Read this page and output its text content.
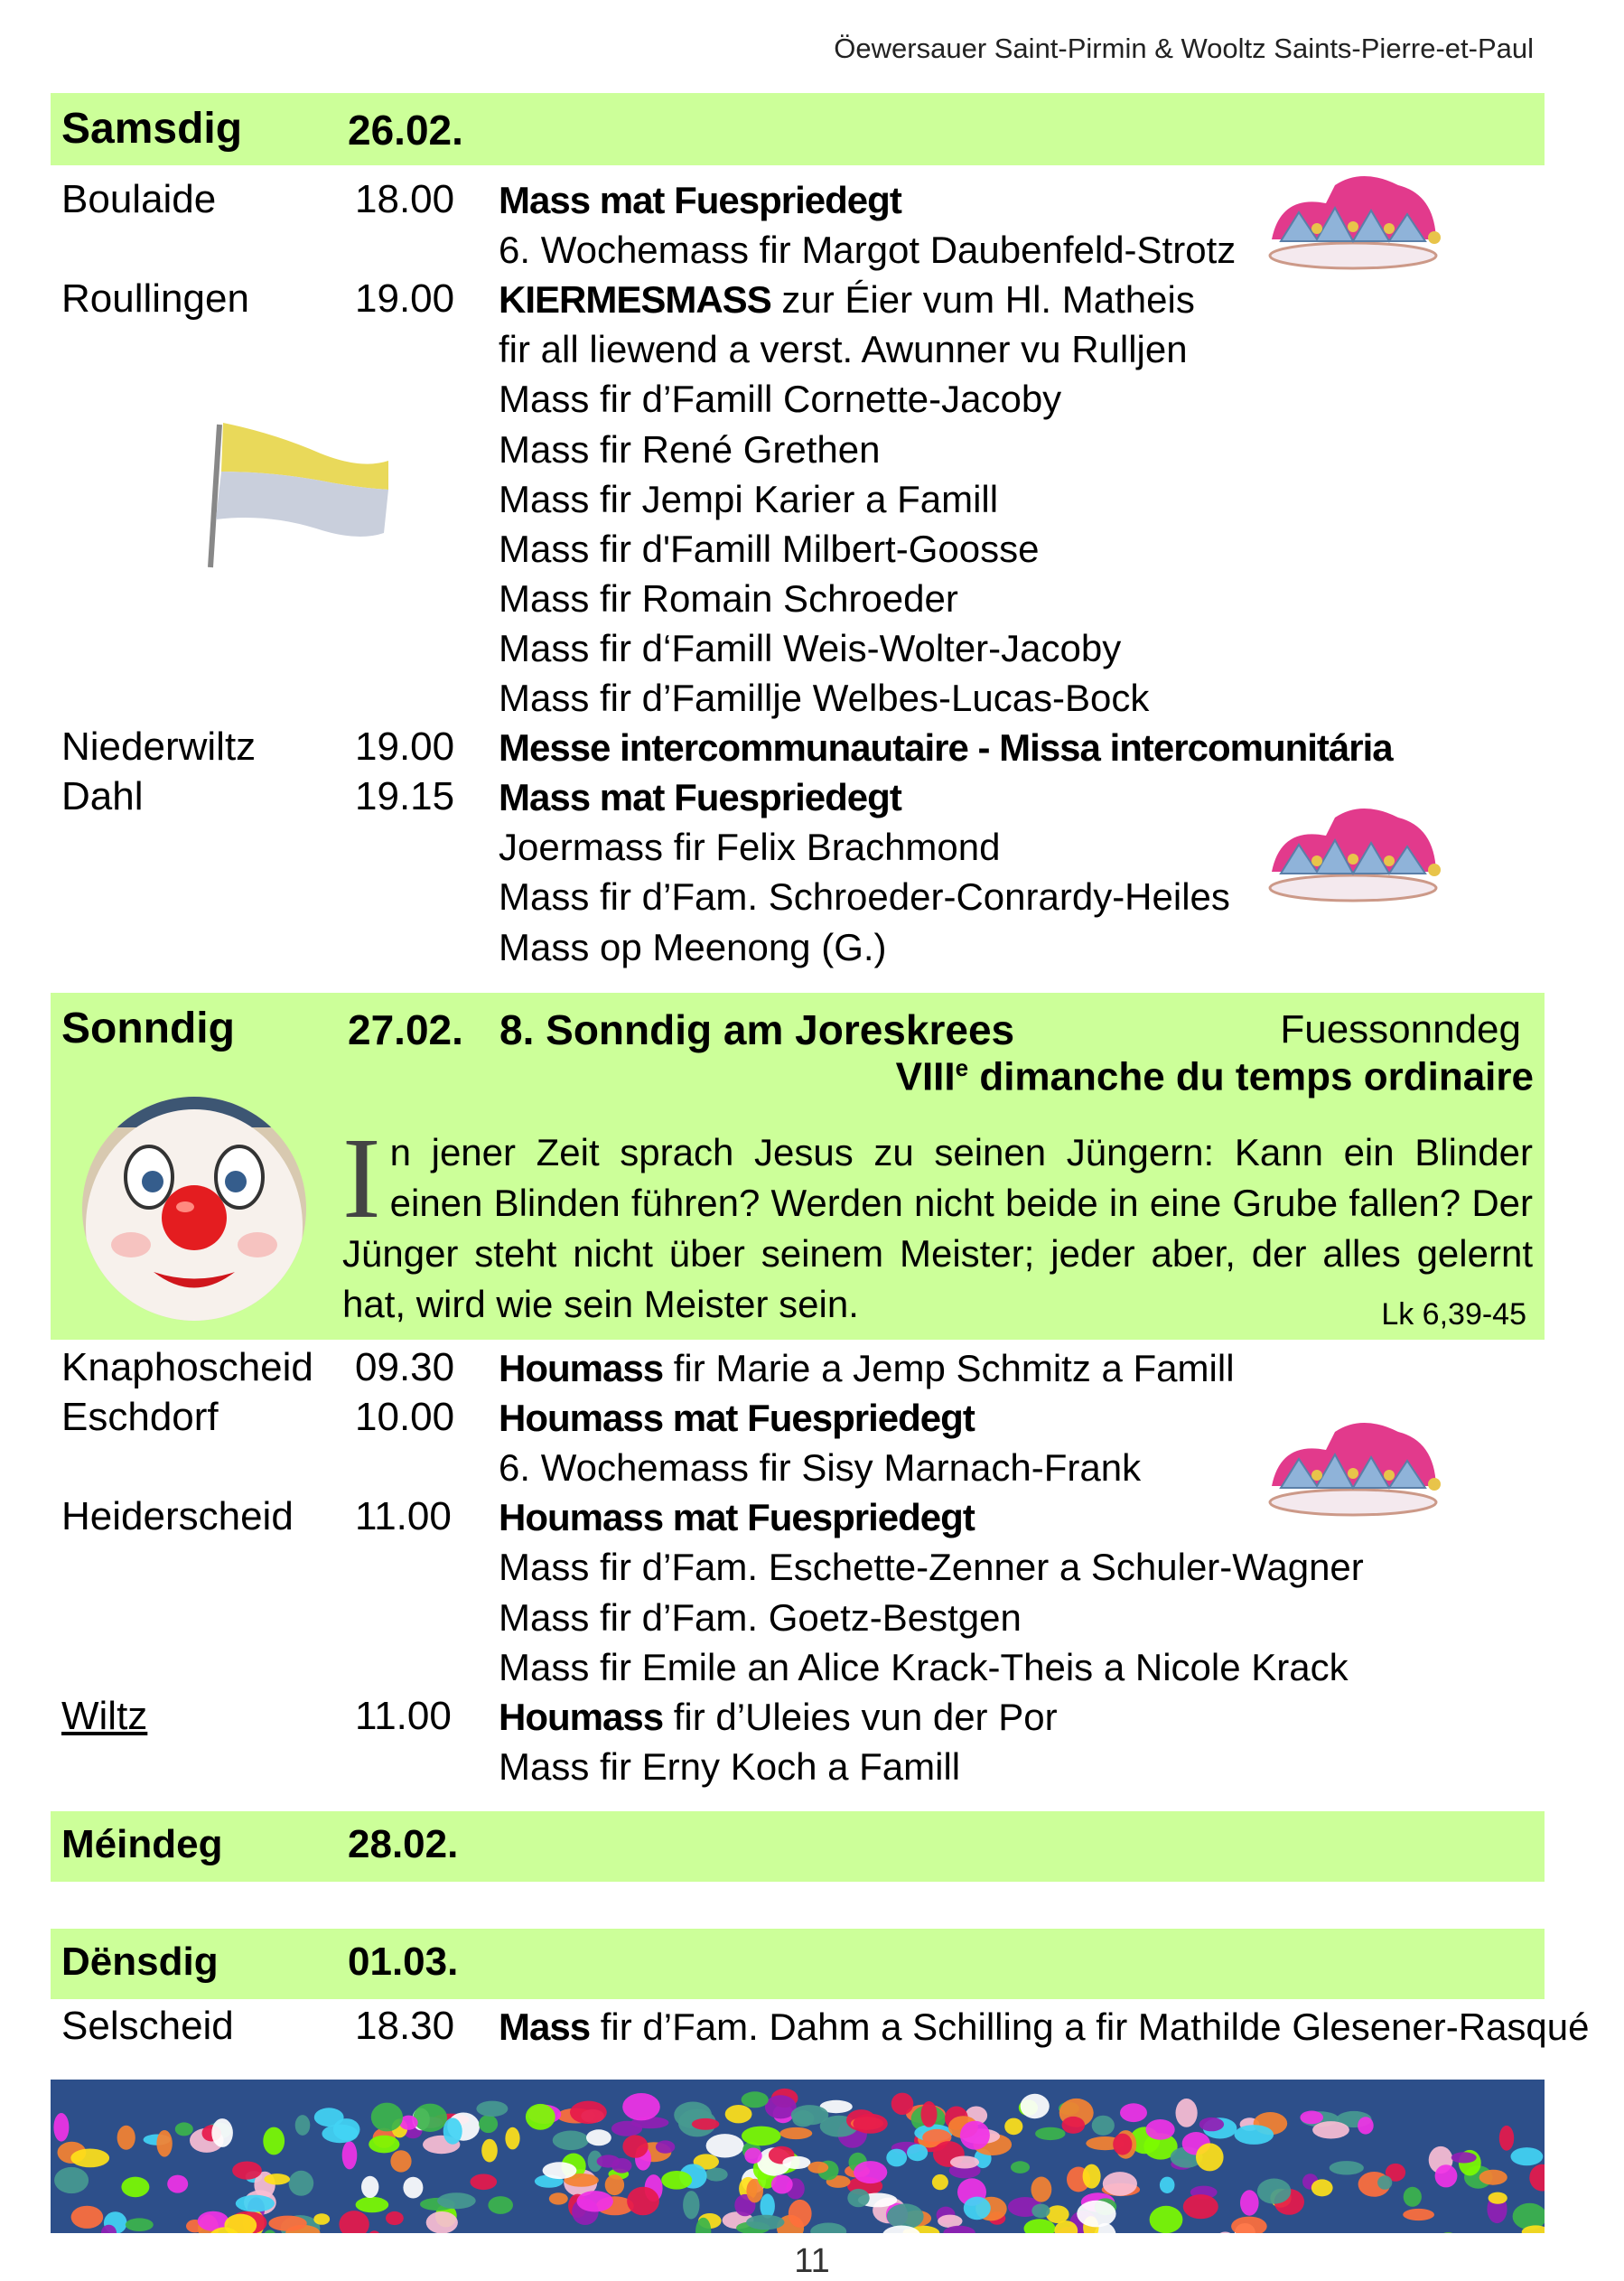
Öewersauer Saint-Pirmin & Wooltz Saints-Pierre-et-Paul
Samsdig	26.02.
Boulaide	18.00 Mass mat Fuespriedegt
6. Wochemass fir Margot Daubenfeld-Strotz
Roullingen	19.00 KIERMESMASS zur Éier vum Hl. Matheis
fir all liewend a verst. Awunner vu Rulljen
Mass fir d’Famill Cornette-Jacoby
Mass fir René Grethen
Mass fir Jempi Karier a Famill
Mass fir d'Famill Milbert-Goosse
Mass fir Romain Schroeder
Mass fir d‘Famill Weis-Wolter-Jacoby
Mass fir d’Famillje Welbes-Lucas-Bock
Niederwiltz 19.00 Messe intercommunautaire - Missa intercomunitária
Dahl	19.15 Mass mat Fuespriedegt
Joermass fir Felix Brachmond
Mass fir d’Fam. Schroeder-Conrardy-Heiles
Mass op Meenong (G.)
Sonndig	27.02. 8. Sonndig am Joreskrees	Fuessonndeg
VIIIe dimanche du temps ordinaire
Lk 6,39-45
In jener Zeit sprach Jesus zu seinen Jüngern: Kann ein Blinder einen Blinden führen? Werden nicht beide in eine Grube fallen? Der Jünger steht nicht über seinem Meister; jeder aber, der alles gelernt hat, wird wie sein Meister sein.
Knaphoscheid 09.30 Houmass fir Marie a Jemp Schmitz a Famill
Eschdorf	10.00 Houmass mat Fuespriedegt
6. Wochemass fir Sisy Marnach-Frank
Heiderscheid 11.00 Houmass mat Fuespriedegt
Mass fir d’Fam. Eschette-Zenner a Schuler-Wagner
Mass fir d’Fam. Goetz-Bestgen
Mass fir Emile an Alice Krack-Theis a Nicole Krack
Wiltz	11.00 Houmass fir d’Uleies vun der Por
Mass fir Erny Koch a Famill
Méindeg	28.02.
Dënsdig	01.03.
Selscheid	18.30 Mass fir d’Fam. Dahm a Schilling a fir Mathilde Glesener-Rasqué
11
